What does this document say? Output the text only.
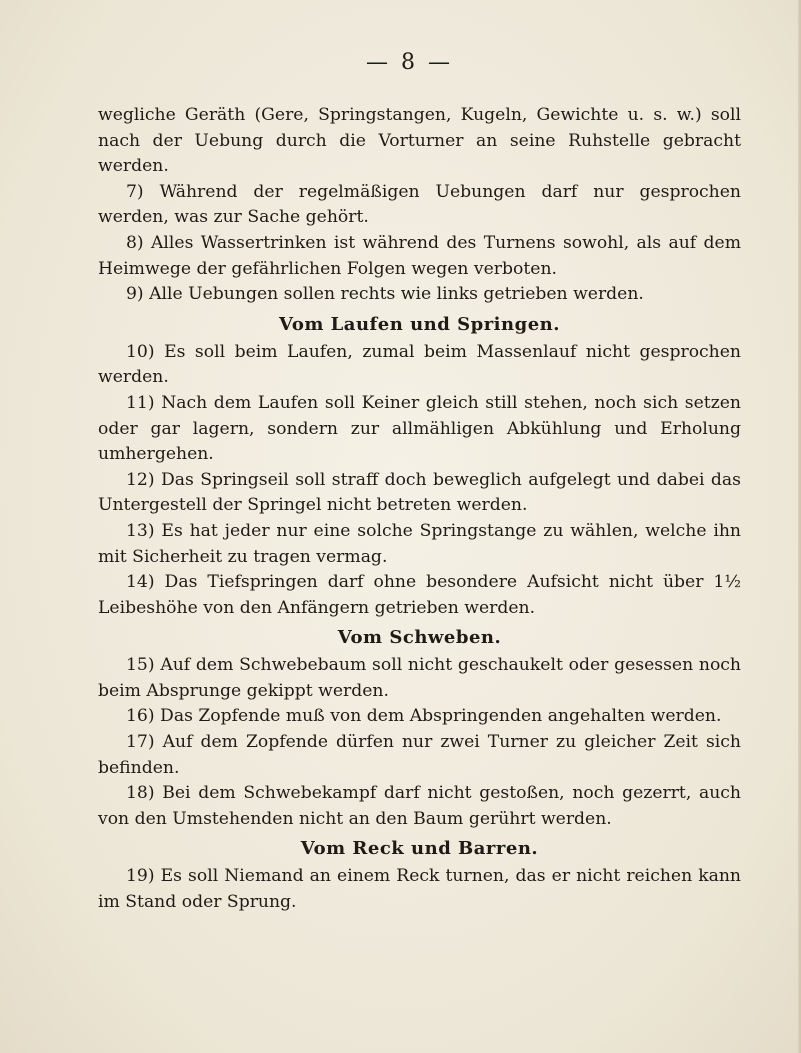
— 8 —

wegliche Geräth (Gere, Springstangen, Kugeln, Gewichte u. s. w.) soll nach der Uebung durch die Vorturner an seine Ruhstelle gebracht werden.

7) Während der regelmäßigen Uebungen darf nur gesprochen werden, was zur Sache gehört.

8) Alles Wassertrinken ist während des Turnens sowohl, als auf dem Heimwege der gefährlichen Folgen wegen verboten.

9) Alle Uebungen sollen rechts wie links getrieben werden.

Vom Laufen und Springen.

10) Es soll beim Laufen, zumal beim Massenlauf nicht gesprochen werden.

11) Nach dem Laufen soll Keiner gleich still stehen, noch sich setzen oder gar lagern, sondern zur allmähligen Abkühlung und Erholung umhergehen.

12) Das Springseil soll straff doch beweglich aufgelegt und dabei das Untergestell der Springel nicht betreten werden.

13) Es hat jeder nur eine solche Springstange zu wählen, welche ihn mit Sicherheit zu tragen vermag.

14) Das Tiefspringen darf ohne besondere Aufsicht nicht über 1½ Leibeshöhe von den Anfängern getrieben werden.

Vom Schweben.

15) Auf dem Schwebebaum soll nicht geschaukelt oder gesessen noch beim Absprunge gekippt werden.

16) Das Zopfende muß von dem Abspringenden angehalten werden.

17) Auf dem Zopfende dürfen nur zwei Turner zu gleicher Zeit sich befinden.

18) Bei dem Schwebekampf darf nicht gestoßen, noch gezerrt, auch von den Umstehenden nicht an den Baum gerührt werden.

Vom Reck und Barren.

19) Es soll Niemand an einem Reck turnen, das er nicht reichen kann im Stand oder Sprung.
